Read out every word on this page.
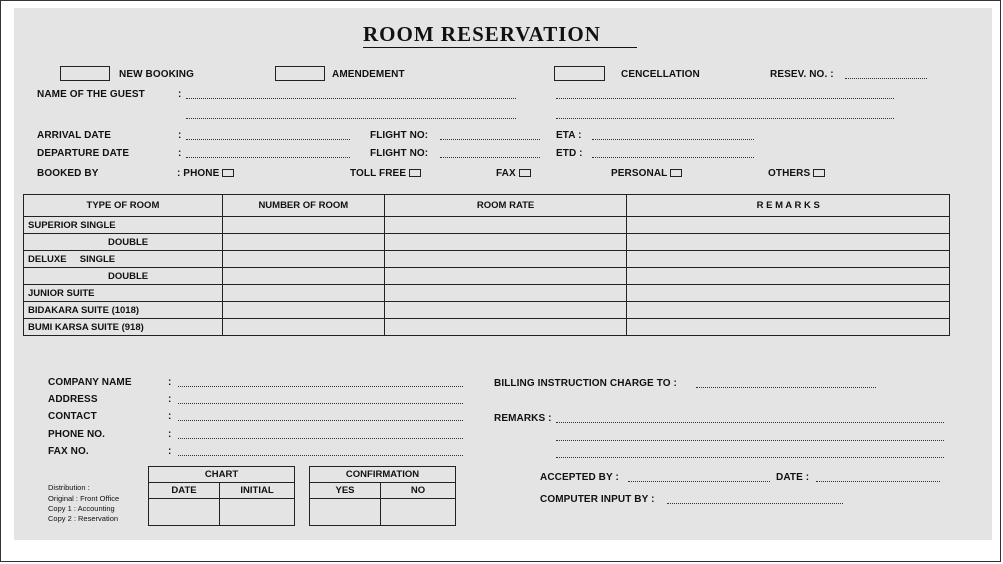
ROOM RESERVATION
NEW BOOKING	AMENDEMENT	CENCELLATION	RESEV. NO. :
NAME OF THE GUEST	:
ARRIVAL DATE	:	FLIGHT NO:	ETA :
DEPARTURE DATE	:	FLIGHT NO:	ETD :
BOOKED BY	: PHONE	TOLL FREE	FAX	PERSONAL	OTHERS
TYPE OF ROOM	NUMBER OF ROOM	ROOM RATE	R E M A R K S
SUPERIOR SINGLE			
DOUBLE			
DELUXE SINGLE			
DOUBLE			
JUNIOR SUITE			
BIDAKARA SUITE (1018)			
BUMI KARSA SUITE (918)			
COMPANY NAME	:
ADDRESS	:
CONTACT	:
PHONE NO.	:
FAX NO.	:
BILLING INSTRUCTION CHARGE TO :
REMARKS :
ACCEPTED BY :	DATE :
COMPUTER INPUT BY :
Distribution :
Original : Front Office
Copy 1 : Accounting
Copy 2 : Reservation
CHART	
DATE	INITIAL

CONFIRMATION	
YES	NO
